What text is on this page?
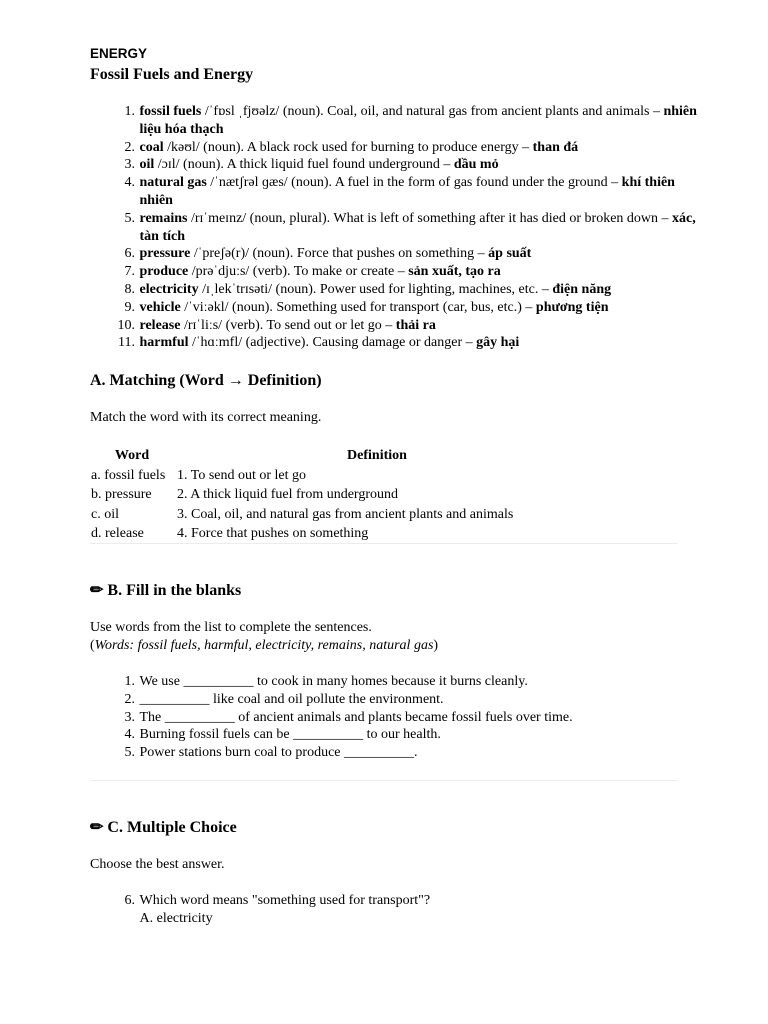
ENERGY
Fossil Fuels and Energy
1.
fossil fuels /ˈfɒsl ˌfjʊəlz/ (noun). Coal, oil, and natural gas from ancient plants and animals – nhiên liệu hóa thạch
2.
coal /kəʊl/ (noun). A black rock used for burning to produce energy – than đá
3.
oil /ɔɪl/ (noun). A thick liquid fuel found underground – dầu mỏ
4.
natural gas /ˈnætʃrəl ɡæs/ (noun). A fuel in the form of gas found under the ground – khí thiên nhiên
5.
remains /rɪˈmeɪnz/ (noun, plural). What is left of something after it has died or broken down – xác, tàn tích
6.
pressure /ˈpreʃə(r)/ (noun). Force that pushes on something – áp suất
7.
produce /prəˈdjuːs/ (verb). To make or create – sản xuất, tạo ra
8.
electricity /ɪˌlekˈtrɪsəti/ (noun). Power used for lighting, machines, etc. – điện năng
9.
vehicle /ˈviːəkl/ (noun). Something used for transport (car, bus, etc.) – phương tiện
10.
release /rɪˈliːs/ (verb). To send out or let go – thải ra
11.
harmful /ˈhɑːmfl/ (adjective). Causing damage or danger – gây hại
A. Matching (Word → Definition)
Match the word with its correct meaning.
Word	Definition
a. fossil fuels	1. To send out or let go
b. pressure	2. A thick liquid fuel from underground
c. oil	3. Coal, oil, and natural gas from ancient plants and animals
d. release	4. Force that pushes on something
✏ B. Fill in the blanks
Use words from the list to complete the sentences.
(Words: fossil fuels, harmful, electricity, remains, natural gas)
1.
We use __________ to cook in many homes because it burns cleanly.
2.
__________ like coal and oil pollute the environment.
3.
The __________ of ancient animals and plants became fossil fuels over time.
4.
Burning fossil fuels can be __________ to our health.
5.
Power stations burn coal to produce __________.
✏ C. Multiple Choice
Choose the best answer.
6.
Which word means "something used for transport"?
A. electricity
